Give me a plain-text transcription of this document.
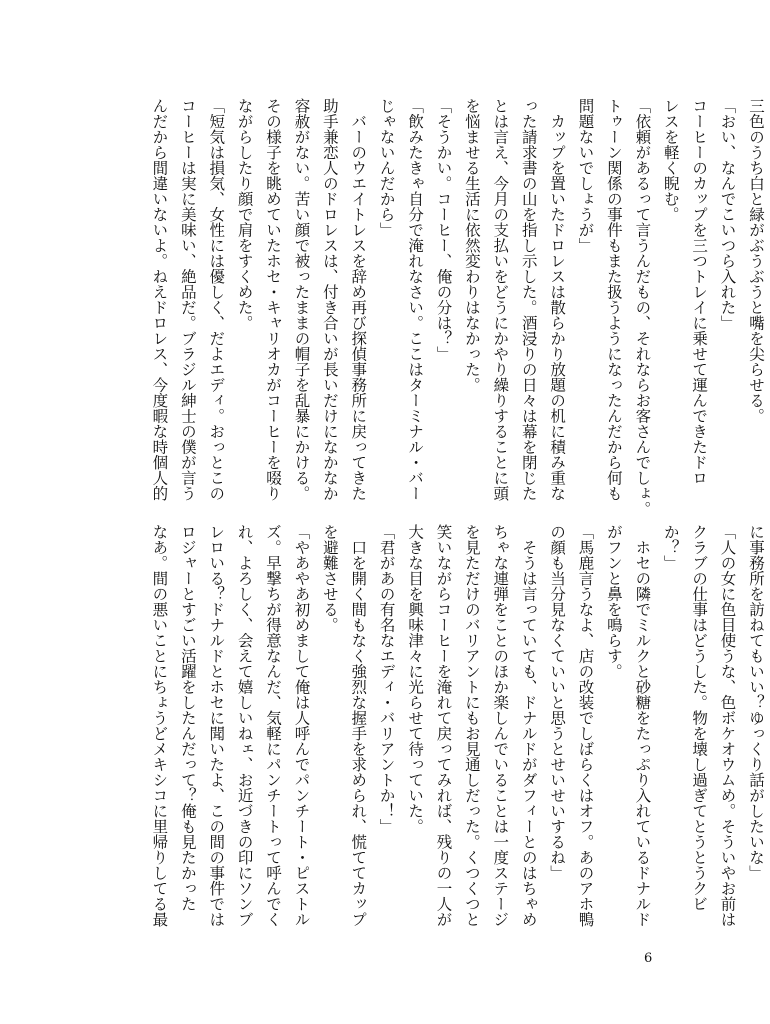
三色のうち白と緑がぶうぶうと嘴を尖らせる。
「おい、なんでこいつら入れた」
コーヒーのカップを三つトレイに乗せて運んできたドロ
レスを軽く睨む。
「依頼があるって言うんだもの、それならお客さんでしょ。
トゥーン関係の事件もまた扱うようになったんだから何も
問題ないでしょうが」
　カップを置いたドロレスは散らかり放題の机に積み重な
った請求書の山を指し示した。酒浸りの日々は幕を閉じた
とは言え、今月の支払いをどうにかやり繰りすることに頭
を悩ませる生活に依然変わりはなかった。
「そうかい。コーヒー、俺の分は？」
「飲みたきゃ自分で淹れなさい。ここはターミナル・バー
じゃないんだから」
　バーのウエイトレスを辞め再び探偵事務所に戻ってきた
助手兼恋人のドロレスは、付き合いが長いだけになかなか
容赦がない。苦い顔で被ったままの帽子を乱暴にかける。
その様子を眺めていたホセ・キャリオカがコーヒーを啜り
ながらしたり顔で肩をすくめた。
「短気は損気、女性には優しく、だよエディ。おっとこの
コーヒーは実に美味い、絶品だ。ブラジル紳士の僕が言う
んだから間違いないよ。ねえドロレス、今度暇な時個人的
に事務所を訪ねてもいい？ゆっくり話がしたいな」
「人の女に色目使うな、色ボケオウムめ。そういやお前は
クラブの仕事はどうした。物を壊し過ぎてとうとうクビ
か？」
　ホセの隣でミルクと砂糖をたっぷり入れているドナルド
がフンと鼻を鳴らす。
「馬鹿言うなよ、店の改装でしばらくはオフ。あのアホ鴨
の顔も当分見なくていいと思うとせいせいするね」
　そうは言っていても、ドナルドがダフィーとのはちゃめ
ちゃな連弾をことのほか楽しんでいることは一度ステージ
を見ただけのバリアントにもお見通しだった。くつくつと
笑いながらコーヒーを淹れて戻ってみれば、残りの一人が
大きな目を興味津々に光らせて待っていた。
「君があの有名なエディ・バリアントか！」
　口を開く間もなく強烈な握手を求められ、慌ててカップ
を避難させる。
「やあやあ初めまして俺は人呼んでパンチート・ピストル
ズ。早撃ちが得意なんだ、気軽にパンチートって呼んでく
れ、よろしく、会えて嬉しいねェ、お近づきの印にソンブ
レロいる？ドナルドとホセに聞いたよ、この間の事件では
ロジャーとすごい活躍をしたんだって？俺も見たかった
なあ。間の悪いことにちょうどメキシコに里帰りしてる最
6
